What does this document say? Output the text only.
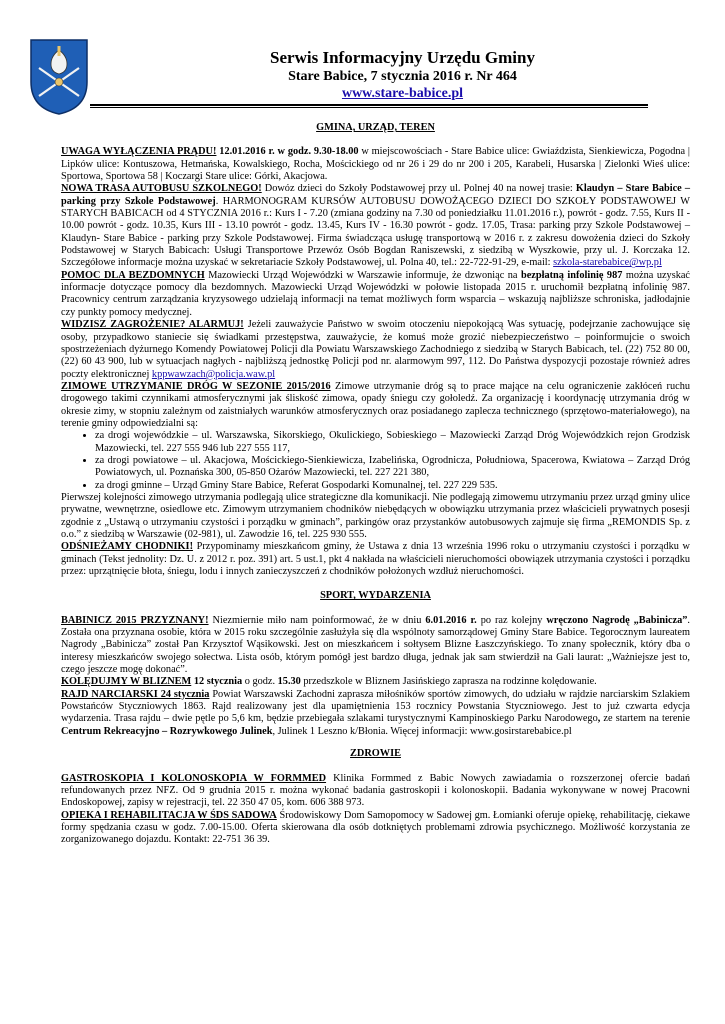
Serwis Informacyjny Urzędu Gminy
Stare Babice, 7 stycznia 2016 r. Nr 464
www.stare-babice.pl

GMINA, URZĄD, TEREN

UWAGA WYŁĄCZENIA PRĄDU! 12.01.2016 r. w godz. 9.30-18.00 w miejscowościach - Stare Babice ulice: Gwiaździsta, Sienkiewicza, Pogodna | Lipków ulice: Kontuszowa, Hetmańska, Kowalskiego, Rocha, Mościckiego od nr 26 i 29 do nr 200 i 205, Karabeli, Husarska | Zielonki Wieś ulice: Sportowa, Sportowa 58 | Koczargi Stare ulice: Górki, Akacjowa.

NOWA TRASA AUTOBUSU SZKOLNEGO! Dowóz dzieci do Szkoły Podstawowej przy ul. Polnej 40 na nowej trasie: Klaudyn – Stare Babice – parking przy Szkole Podstawowej. HARMONOGRAM KURSÓW AUTOBUSU DOWOŻĄCEGO DZIECI DO SZKOŁY PODSTAWOWEJ W STARYCH BABICACH od 4 STYCZNIA 2016 r.: Kurs I - 7.20 (zmiana godziny na 7.30 od poniedziałku 11.01.2016 r.), powrót - godz. 7.55, Kurs II - 10.00 powrót - godz. 10.35, Kurs III - 13.10 powrót - godz. 13.45, Kurs IV - 16.30 powrót - godz. 17.05, Trasa: parking przy Szkole Podstawowej – Klaudyn- Stare Babice - parking przy Szkole Podstawowej. Firma świadcząca usługę transportową w 2016 r. z zakresu dowożenia dzieci do Szkoły Podstawowej w Starych Babicach: Usługi Transportowe Przewóz Osób Bogdan Raniszewski, z siedzibą w Wyszkowie, przy ul. J. Korczaka 12. Szczegółowe informacje można uzyskać w sekretariacie Szkoły Podstawowej, ul. Polna 40, tel.: 22-722-91-29, e-mail: szkola-starebabice@wp.pl

POMOC DLA BEZDOMNYCH Mazowiecki Urząd Wojewódzki w Warszawie informuje, że dzwoniąc na bezpłatną infolinię 987 można uzyskać informacje dotyczące pomocy dla bezdomnych. Mazowiecki Urząd Wojewódzki w połowie listopada 2015 r. uruchomił bezpłatną infolinię 987. Pracownicy centrum zarządzania kryzysowego udzielają informacji na temat możliwych form wsparcia – wskazują najbliższe schroniska, jadłodajnie czy punkty pomocy medycznej.

WIDZISZ ZAGROŻENIE? ALARMUJ! Jeżeli zauważycie Państwo w swoim otoczeniu niepokojącą Was sytuację, podejrzanie zachowujące się osoby, przypadkowo staniecie się świadkami przestępstwa, zauważycie, że komuś może grozić niebezpieczeństwo – poinformujcie o swoich spostrzeżeniach dyżurnego Komendy Powiatowej Policji dla Powiatu Warszawskiego Zachodniego z siedzibą w Starych Babicach, tel. (22) 752 80 00, (22) 60 43 900, lub w sytuacjach nagłych - najbliższą jednostkę Policji pod nr. alarmowym 997, 112. Do Państwa dyspozycji pozostaje również adres poczty elektronicznej kppwawzach@policja.waw.pl

ZIMOWE UTRZYMANIE DRÓG W SEZONIE 2015/2016 Zimowe utrzymanie dróg są to prace mające na celu ograniczenie zakłóceń ruchu drogowego takimi czynnikami atmosferycznymi jak śliskość zimowa, opady śniegu czy gołoledź. Za organizację i koordynację utrzymania dróg w okresie zimy, w stopniu zależnym od zaistniałych warunków atmosferycznych oraz posiadanego zaplecza technicznego (sprzętowo-materiałowego), na terenie gminy odpowiedzialni są:

• za drogi wojewódzkie – ul. Warszawska, Sikorskiego, Okulickiego, Sobieskiego – Mazowiecki Zarząd Dróg Wojewódzkich rejon Grodzisk Mazowiecki, tel. 227 555 946 lub 227 555 117,
• za drogi powiatowe – ul. Akacjowa, Mościckiego-Sienkiewicza, Izabelińska, Ogrodnicza, Południowa, Spacerowa, Kwiatowa – Zarząd Dróg Powiatowych, ul. Poznańska 300, 05-850 Ożarów Mazowiecki, tel. 227 221 380,
• za drogi gminne – Urząd Gminy Stare Babice, Referat Gospodarki Komunalnej, tel. 227 229 535.

Pierwszej kolejności zimowego utrzymania podlegają ulice strategiczne dla komunikacji. Nie podlegają zimowemu utrzymaniu przez urząd gminy ulice prywatne, wewnętrzne, osiedlowe etc. Zimowym utrzymaniem chodników niebędących w obowiązku utrzymania przez właścicieli prywatnych posesji zgodnie z „Ustawą o utrzymaniu czystości i porządku w gminach”, parkingów oraz przystanków autobusowych zajmuje się firma „REMONDIS Sp. z o.o.” z siedzibą w Warszawie (02-981), ul. Zawodzie 16, tel. 225 930 555.

ODŚNIEŻAMY CHODNIKI! Przypominamy mieszkańcom gminy, że Ustawa z dnia 13 września 1996 roku o utrzymaniu czystości i porządku w gminach (Tekst jednolity: Dz. U. z 2012 r. poz. 391) art. 5 ust.1, pkt 4 nakłada na właścicieli nieruchomości obowiązek utrzymania czystości i porządku przez: uprzątnięcie błota, śniegu, lodu i innych zanieczyszczeń z chodników położonych wzdłuż nieruchomości.

SPORT, WYDARZENIA

BABINICZ 2015 PRZYZNANY! Niezmiernie miło nam poinformować, że w dniu 6.01.2016 r. po raz kolejny wręczono Nagrodę „Babinicza”. Została ona przyznana osobie, która w 2015 roku szczególnie zasłużyła się dla wspólnoty samorządowej Gminy Stare Babice. Tegorocznym laureatem Nagrody „Babinicza” został Pan Krzysztof Wąsikowski. Jest on mieszkańcem i sołtysem Blizne Łaszczyńskiego. To znany społecznik, który dba o interesy mieszkańców swojego sołectwa. Lista osób, którym pomógł jest bardzo długa, jednak jak sam stwierdził na Gali laurat: „Ważniejsze jest to, czego jeszcze mogę dokonać”.

KOLĘDUJMY W BLIZNEM 12 stycznia o godz. 15.30 przedszkole w Bliznem Jasińskiego zaprasza na rodzinne kolędowanie.

RAJD NARCIARSKI 24 stycznia Powiat Warszawski Zachodni zaprasza miłośników sportów zimowych, do udziału w rajdzie narciarskim Szlakiem Powstańców Styczniowych 1863. Rajd realizowany jest dla upamiętnienia 153 rocznicy Powstania Styczniowego. Jest to już czwarta edycja wydarzenia. Trasa rajdu – dwie pętle po 5,6 km, będzie przebiegała szlakami turystycznymi Kampinoskiego Parku Narodowego, ze startem na terenie Centrum Rekreacyjno – Rozrywkowego Julinek, Julinek 1 Leszno k/Błonia. Więcej informacji: www.gosirstarebabice.pl

ZDROWIE

GASTROSKOPIA I KOLONOSKOPIA W FORMMED Klinika Formmed z Babic Nowych zawiadamia o rozszerzonej ofercie badań refundowanych przez NFZ. Od 9 grudnia 2015 r. można wykonać badania gastroskopii i kolonoskopii. Badania wykonywane w nowej Pracowni Endoskopowej, zapisy w rejestracji, tel. 22 350 47 05, kom. 606 388 973.

OPIEKA I REHABILITACJA W ŚDS SADOWA Środowiskowy Dom Samopomocy w Sadowej gm. Łomianki oferuje opiekę, rehabilitację, ciekawe formy spędzania czasu w godz. 7.00-15.00. Oferta skierowana dla osób dotkniętych problemami zdrowia psychicznego. Możliwość korzystania ze zorganizowanego dojazdu. Kontakt: 22-751 36 39.
